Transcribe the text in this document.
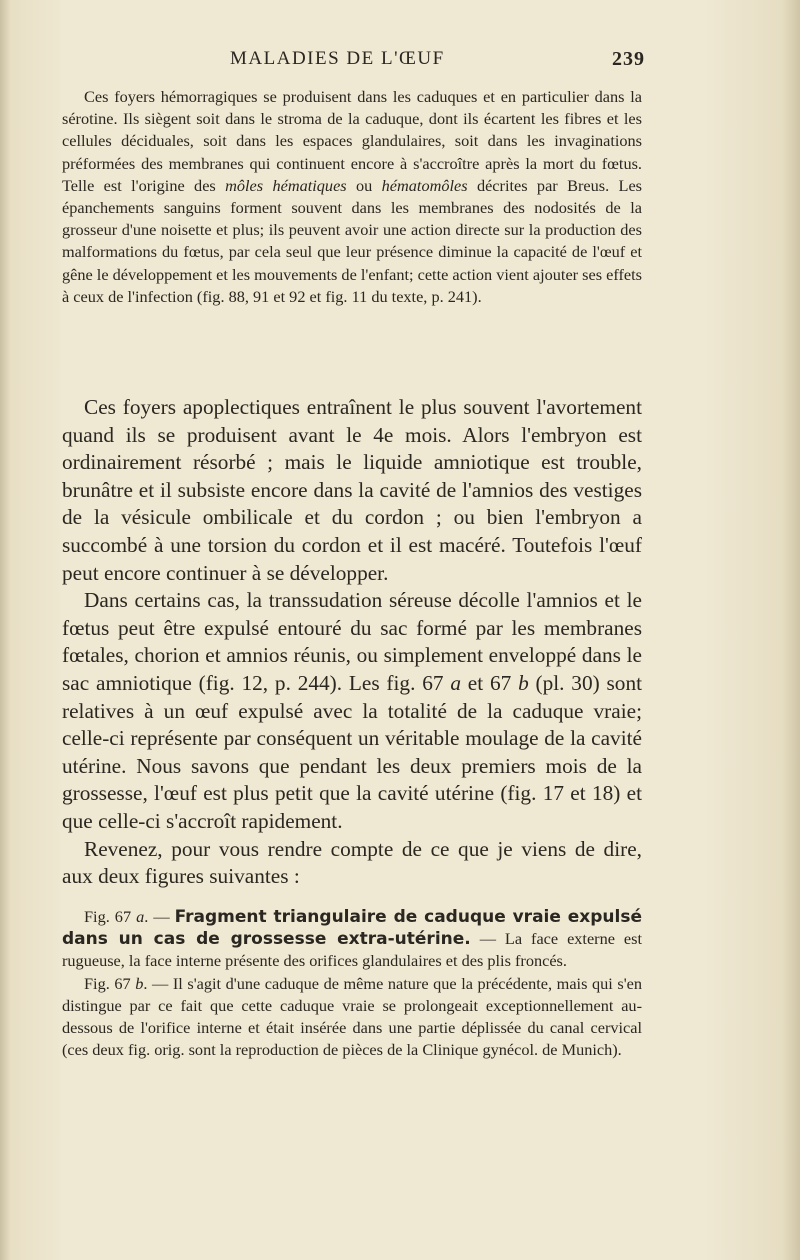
MALADIES DE L'ŒUF	239

Ces foyers hémorragiques se produisent dans les caduques et en particulier dans la sérotine. Ils siègent soit dans le stroma de la caduque, dont ils écartent les fibres et les cellules déciduales, soit dans les espaces glandulaires, soit dans les invaginations préformées des membranes qui continuent encore à s'accroître après la mort du fœtus. Telle est l'origine des môles hématiques ou hématomôles décrites par Breus. Les épanchements sanguins forment souvent dans les membranes des nodosités de la grosseur d'une noisette et plus; ils peuvent avoir une action directe sur la production des malformations du fœtus, par cela seul que leur présence diminue la capacité de l'œuf et gêne le développement et les mouvements de l'enfant; cette action vient ajouter ses effets à ceux de l'infection (fig. 88, 91 et 92 et fig. 11 du texte, p. 241).

Ces foyers apoplectiques entraînent le plus souvent l'avortement quand ils se produisent avant le 4e mois. Alors l'embryon est ordinairement résorbé ; mais le liquide amniotique est trouble, brunâtre et il subsiste encore dans la cavité de l'amnios des vestiges de la vésicule ombilicale et du cordon ; ou bien l'embryon a succombé à une torsion du cordon et il est macéré. Toutefois l'œuf peut encore continuer à se développer.

Dans certains cas, la transsudation séreuse décolle l'amnios et le fœtus peut être expulsé entouré du sac formé par les membranes fœtales, chorion et amnios réunis, ou simplement enveloppé dans le sac amniotique (fig. 12, p. 244). Les fig. 67 a et 67 b (pl. 30) sont relatives à un œuf expulsé avec la totalité de la caduque vraie; celle-ci représente par conséquent un véritable moulage de la cavité utérine. Nous savons que pendant les deux premiers mois de la grossesse, l'œuf est plus petit que la cavité utérine (fig. 17 et 18) et que celle-ci s'accroît rapidement.

Revenez, pour vous rendre compte de ce que je viens de dire, aux deux figures suivantes :

Fig. 67 a. — Fragment triangulaire de caduque vraie expulsé dans un cas de grossesse extra-utérine. — La face externe est rugueuse, la face interne présente des orifices glandulaires et des plis froncés.

Fig. 67 b. — Il s'agit d'une caduque de même nature que la précédente, mais qui s'en distingue par ce fait que cette caduque vraie se prolongeait exceptionnellement au-dessous de l'orifice interne et était insérée dans une partie déplissée du canal cervical (ces deux fig. orig. sont la reproduction de pièces de la Clinique gynécol. de Munich).
